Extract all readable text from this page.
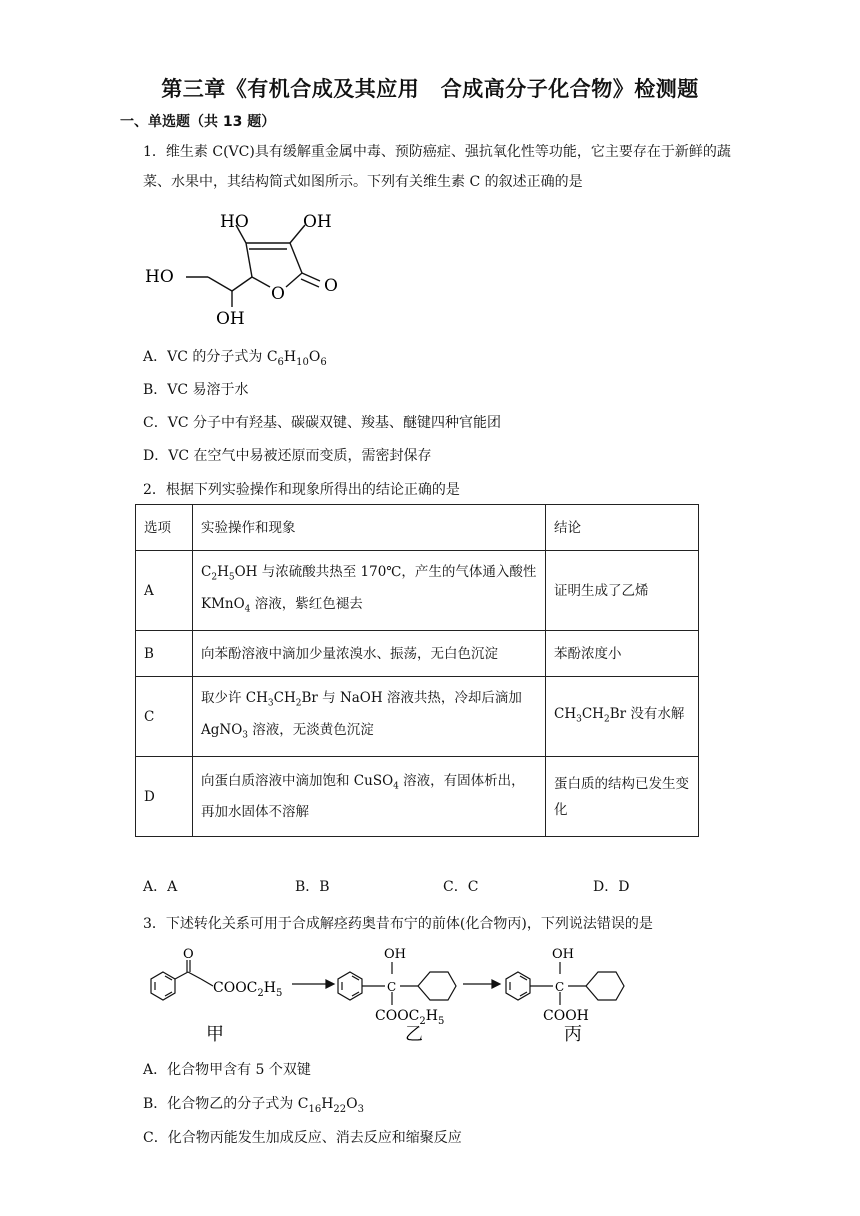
第三章《有机合成及其应用　合成高分子化合物》检测题
一、单选题（共 13 题）
1．维生素 C(VC)具有缓解重金属中毒、预防癌症、强抗氧化性等功能，它主要存在于新鲜的蔬菜、水果中，其结构简式如图所示。下列有关维生素 C 的叙述正确的是
HO	OH
HO
O O
OH
A．VC 的分子式为 $C_6H_{10}O_6$
B．VC 易溶于水
C．VC 分子中有羟基、碳碳双键、羧基、醚键四种官能团
D．VC 在空气中易被还原而变质，需密封保存
2．根据下列实验操作和现象所得出的结论正确的是
选项	实验操作和现象	结论
A	$C_2H_5OH$ 与浓硫酸共热至 170℃，产生的气体通入酸性 KMnO$_4$ 溶液，紫红色褪去	证明生成了乙烯
B	向苯酚溶液中滴加少量浓溴水、振荡，无白色沉淀	苯酚浓度小
C	取少许 $CH_3CH_2Br$ 与 NaOH 溶液共热，冷却后滴加 AgNO$_3$ 溶液，无淡黄色沉淀	$CH_3CH_2Br$ 没有水解
D	向蛋白质溶液中滴加饱和 CuSO$_4$ 溶液，有固体析出，再加水固体不溶解	蛋白质的结构已发生变化
A．A	B．B	C．C	D．D
3．下述转化关系可用于合成解痉药奥昔布宁的前体(化合物丙)，下列说法错误的是
O
$COOC_2H_5$
甲
OH
C
$COOC_2H_5$
乙
OH
C
COOH
丙
A．化合物甲含有 5 个双键
B．化合物乙的分子式为 $C_{16}H_{22}O_3$
C．化合物丙能发生加成反应、消去反应和缩聚反应
